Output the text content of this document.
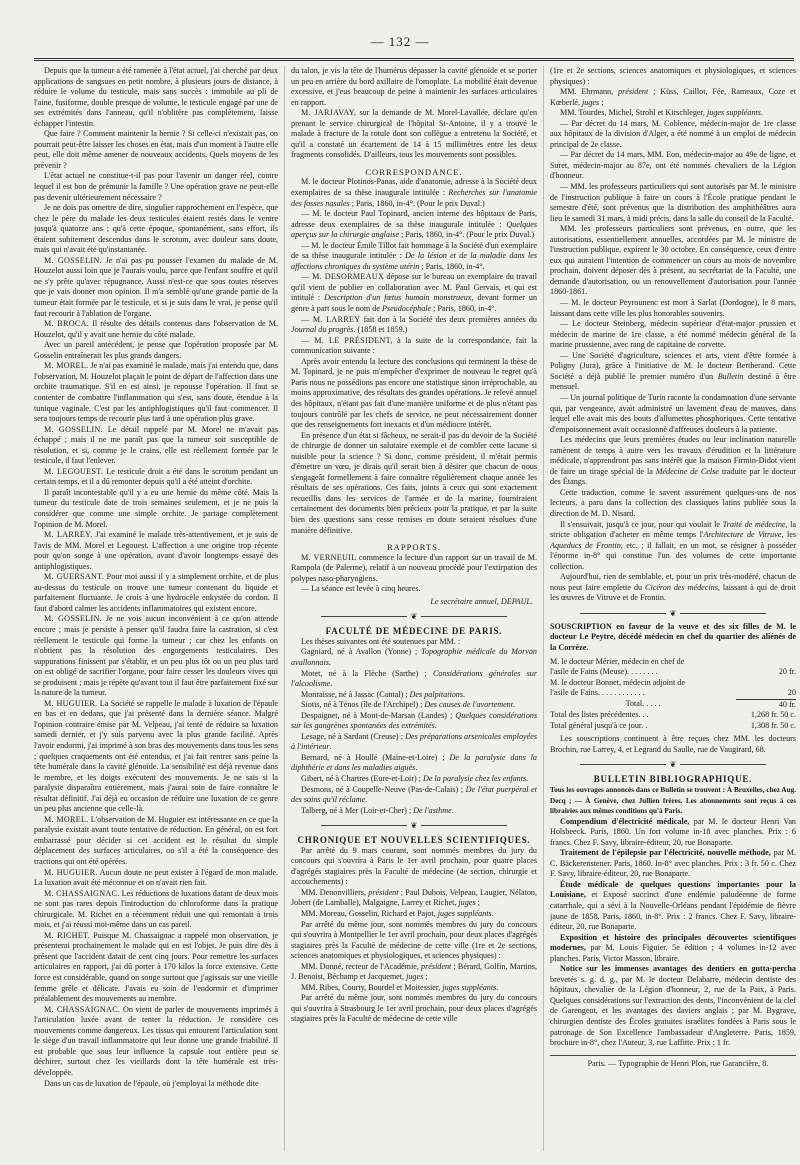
— 132 —

Depuis que la tumeur a été ramenée à l'état actuel, j'ai cherché par deux applications de sangsues en petit nombre, à plusieurs jours de distance, à réduire le volume du testicule, mais sans succès : immobile au pli de l'aine, fusiforme, double presque de volume, le testicule engagé par une de ses extrémités dans l'anneau, qu'il n'oblitère pas complètement, laisse échapper l'intestin.

Que faire ? Comment maintenir la hernie ? Si celle-ci n'existait pas, on pourrait peut-être laisser les choses en état, mais d'un moment à l'autre elle peut, elle doit même amener de nouveaux accidents. Quels moyens de les prévenir ?

L'état actuel ne constitue-t-il pas pour l'avenir un danger réel, contre lequel il est bon de prémunir la famille ? Une opération grave ne peut-elle pas devenir ultérieurement nécessaire ?

Je ne dois pas omettre de dire, singulier rapprochement en l'espèce, que chez le père du malade les deux testicules étaient restés dans le ventre jusqu'à quatorze ans ; qu'à cette époque, spontanément, sans effort, ils étaient subitement descendus dans le scrotum, avec douleur sans doute, mais qui n'avait été qu'instantanée.

M. GOSSELIN. Je n'ai pas pu pousser l'examen du malade de M. Houzelot aussi loin que je l'aurais voulu, parce que l'enfant souffre et qu'il ne s'y prête qu'avec répugnance. Aussi n'est-ce que sous toutes réserves que je vais donner mon opinion. Il m'a semblé qu'une grande partie de la tumeur était formée par le testicule, et si je suis dans le vrai, je pense qu'il faut recourir à l'ablation de l'organe.

M. BROCA. Il résulte des détails contenus dans l'observation de M. Houzelot, qu'il y avait une hernie du côté malade.

Avec un pareil antécédent, je pense que l'opération proposée par M. Gosselin entraînerait les plus grands dangers.

M. MOREL. Je n'ai pas examiné le malade, mais j'ai entendu que, dans l'observation, M. Houzelot plaçait le point de départ de l'affection dans une orchite traumatique. S'il en est ainsi, je repousse l'opération. Il faut se contenter de combattre l'inflammation qui s'est, sans doute, étendue à la tunique vaginale. C'est par les antiphlogistiques qu'il faut commencer. Il sera toujours temps de recourir plus tard à une opération plus grave.

M. GOSSELIN. Le détail rappelé par M. Morel ne m'avait pas échappé ; mais il ne me paraît pas que la tumeur soit susceptible de résolution, et si, comme je le crains, elle est réellement formée par le testicule, il faut l'enlever.

M. LEGOUEST. Le testicule droit a été dans le scrotum pendant un certain temps, et il a dû remonter depuis qu'il a été atteint d'orchite.

Il paraît incontestable qu'il y a eu une hernie du même côté. Mais la tumeur du testicule date de trois semaines seulement, et je ne puis la considérer que comme une simple orchite. Je partage complètement l'opinion de M. Morel.

M. LARREY. J'ai examiné le malade très-attentivement, et je suis de l'avis de MM. Morel et Legouest. L'affection a une origine trop récente pour qu'on songe à une opération, avant d'avoir longtemps essayé des antiphlogistiques.

M. GUERSANT. Pour moi aussi il y a simplement orchite, et de plus au-dessus du testicule on trouve une tumeur contenant du liquide et parfaitement fluctuante. Je crois à une hydrocèle enkystée du cordon. Il faut d'abord calmer les accidents inflammatoires qui existent encore.

M. GOSSELIN. Je ne vois aucun inconvénient à ce qu'on attende encore ; mais je persiste à penser qu'il faudra faire la castration, si c'est réellement le testicule qui forme la tumeur ; car chez les enfants on n'obtient pas la résolution des engorgements testiculaires. Des suppurations finissent par s'établir, et un peu plus tôt ou un peu plus tard on est obligé de sacrifier l'organe, pour faire cesser les douleurs vives qui se produisent ; mais je répète qu'avant tout il faut être parfaitement fixé sur la nature de la tumeur.

M. HUGUIER. La Société se rappelle le malade à luxation de l'épaule en bas et en dedans, que j'ai présenté dans la dernière séance. Malgré l'opinion contraire émise par M. Velpeau, j'ai tenté de réduire sa luxation samedi dernier, et j'y suis parvenu avec la plus grande facilité. Après l'avoir endormi, j'ai imprimé à son bras des mouvements dans tous les sens ; quelques craquements ont été entendus, et j'ai fait rentrer sans peine la tête humérale dans la cavité glénoïde. La sensibilité est déjà revenue dans le membre, et les doigts exécutent des mouvements. Je ne sais si la paralysie disparaîtra entièrement, mais j'aurai soin de faire connaître le résultat définitif. J'ai déjà eu occasion de réduire une luxation de ce genre un peu plus ancienne que celle-là.

M. MOREL. L'observation de M. Huguier est intéressante en ce que la paralysie existait avant toute tentative de réduction. En général, on est fort embarrassé pour décider si cet accident est le résultat du simple déplacement des surfaces articulaires, ou s'il a été la conséquence des tractions qui ont été opérées.

M. HUGUIER. Aucun doute ne peut exister à l'égard de mon malade. La luxation avait été méconnue et on n'avait rien fait.

M. CHASSAIGNAC. Les réductions de luxations datant de deux mois ne sont pas rares depuis l'introduction du chloroforme dans la pratique chirurgicale. M. Richet en a récemment réduit une qui remontait à trois mois, et j'ai réussi moi-même dans un cas pareil.

M. RICHET. Puisque M. Chassaignac a rappelé mon observation, je présenterai prochainement le malade qui en est l'objet. Je puis dire dès à présent que l'accident datait de cent cinq jours. Pour remettre les surfaces articulaires en rapport, j'ai dû porter à 170 kilos la force extensive. Cette force est considérable, quand on songe surtout que j'agissais sur une vieille femme grêle et délicate. J'avais eu soin de l'endormir et d'imprimer préalablement des mouvements au membre.

M. CHASSAIGNAC. On vient de parler de mouvements imprimés à l'articulation luxée avant de tenter la réduction. Je considère ces mouvements comme dangereux. Les tissus qui entourent l'articulation sont le siège d'un travail inflammatoire qui leur donne une grande friabilité. Il est probable que sous leur influence la capsule tout entière peut se déchirer, surtout chez les vieillards dont la tête humérale est très-développée.

Dans un cas de luxation de l'épaule, où j'employai la méthode dite

du talon, je vis la tête de l'humérus dépasser la cavité glénoïde et se porter un peu en arrière du bord axillaire de l'omoplate. La mobilité était devenue excessive, et j'eus beaucoup de peine à maintenir les surfaces articulaires en rapport.

M. JARJAVAY, sur la demande de M. Morel-Lavallée, déclare qu'en prenant le service chirurgical de l'hôpital St-Antoine, il y a trouvé le malade à fracture de la rotule dont son collègue a entretenu la Société, et qu'il a constaté un écartement de 14 à 15 millimètres entre les deux fragments consolidés. D'ailleurs, tous les mouvements sont possibles.

CORRESPONDANCE.

M. le docteur Plotinos-Panas, aide d'anatomie, adresse à la Société deux exemplaires de sa thèse inaugurale intitulée : Recherches sur l'anatomie des fosses nasales ; Paris, 1860, in-4°. (Pour le prix Duval.)

— M. le docteur Paul Topinard, ancien interne des hôpitaux de Paris, adresse deux exemplaires de sa thèse inaugurale intitulée : Quelques aperçus sur la chirurgie anglaise ; Paris, 1860, in-4°. (Pour le prix Duval.)

— M. le docteur Émile Tillot fait hommage à la Société d'un exemplaire de sa thèse inaugurale intitulée : De la lésion et de la maladie dans les affections chroniques du système utérin ; Paris, 1860, in-4°.

— M. DESORMEAUX dépose sur le bureau un exemplaire du travail qu'il vient de publier en collaboration avec M. Paul Gervais, et qui est intitulé : Description d'un fœtus humain monstrueux, devant former un genre à part sous le nom de Pseudocéphale ; Paris, 1860, in-4°.

— M. LARREY fait don à la Société des deux premières années du Journal du progrès. (1858 et 1859.)

— M. LE PRÉSIDENT, à la suite de la correspondance, fait la communication suivante :

Après avoir entendu la lecture des conclusions qui terminent la thèse de M. Topinard, je ne puis m'empêcher d'exprimer de nouveau le regret qu'à Paris nous ne possédions pas encore une statistique sinon irréprochable, au moins approximative, des résultats des grandes opérations. Je relevé annuel des hôpitaux, n'étant pas fait d'une manière uniforme et de plus n'étant pas toujours contrôlé par les chefs de service, ne peut nécessairement donner que des renseignements fort inexacts et d'un médiocre intérêt.

En présence d'un état si fâcheux, ne serait-il pas du devoir de la Société de chirurgie de donner un salutaire exemple et de combler cette lacune si nuisible pour la science ? Si donc, comme président, il m'était permis d'émettre un vœu, je dirais qu'il serait bien à désirer que chacun de nous s'engageât formellement à faire connaître régulièrement chaque année les résultats de ses opérations. Ces faits, joints à ceux qui sont exactement recueillis dans les services de l'armée et de la marine, fourniraient certainement des documents bien précieux pour la pratique, et par la suite bien des questions sans cesse remises en doute seraient résolues d'une manière définitive.

RAPPORTS.

M. VERNEUIL commence la lecture d'un rapport sur un travail de M. Rampola (de Palerme), relatif à un nouveau procédé pour l'extirpation des polypes naso-pharyngiens.

— La séance est levée à cinq heures.

Le secrétaire annuel, DEPAUL.

❦

FACULTÉ DE MÉDECINE DE PARIS.

Les thèses suivantes ont été soutenues par MM. :

Gagniard, né à Avallon (Yonne) ; Topographie médicale du Morvan avallonnais.

Motet, né à la Flèche (Sarthe) ; Considérations générales sur l'alcoolisme.

Monraisse, né à Jassac (Cantal) ; Des palpitations.

Siotis, né à Ténos (île de l'Archipel) ; Des causes de l'avortement.

Despaignet, né à Mont-de-Marsan (Landes) ; Quelques considérations sur les gangrènes spontanées des extrémités.

Lesage, né à Sardant (Creuse) ; Des préparations arsenicales employées à l'intérieur.

Bernard, né à Houllé (Maine-et-Loire) ; De la paralysie dans la diphthérie et dans les maladies aiguës.

Gibert, né à Chartres (Eure-et-Loir) ; De la paralysie chez les enfants.

Desmons, né à Coupelle-Neuve (Pas-de-Calais) ; De l'état puerpéral et des soins qu'il réclame.

Talberg, né à Mer (Loir-et-Cher) ; De l'asthme.

❦

CHRONIQUE ET NOUVELLES SCIENTIFIQUES.

Par arrêté du 9 mars courant, sont nommés membres du jury du concours qui s'ouvrira à Paris le 1er avril prochain, pour quatre places d'agrégés stagiaires près la Faculté de médecine (4e section, chirurgie et accouchements) :

MM. Denonvilliers, président ; Paul Dubois, Velpeau, Laugier, Nélaton, Jobert (de Lamballe), Malgaigne, Larrey et Richet, juges ;

MM. Moreau, Gosselin, Richard et Pajot, juges suppléants.

Par arrêté du même jour, sont nommés membres du jury du concours qui s'ouvrira à Montpellier le 1er avril prochain, pour deux places d'agrégés stagiaires près la Faculté de médecine de cette ville (1re et 2e sections, sciences anatomiques et physiologiques, et sciences physiques) :

MM. Donné, recteur de l'Académie, président ; Bérard, Golfin, Martins, J. Benoist, Béchamp et Jacquemet, juges ;

MM. Ribes, Courty, Bourdel et Moitessier, juges suppléants.

Par arrêté du même jour, sont nommés membres du jury du concours qui s'ouvrira à Strasbourg le 1er avril prochain, pour deux places d'agrégés stagiaires près la Faculté de médecine de cette ville

(1re et 2e sections, sciences anatomiques et physiologiques, et sciences physiques) :

MM. Ehrmann, président ; Küss, Caillot, Fée, Rameaux, Coze et Kœberlé, juges ;

MM. Tourdes, Michel, Strohl et Kirschleger, juges suppléants.

— Par décret du 14 mars, M. Coblence, médecin-major de 1re classe aux hôpitaux de la division d'Alger, a été nommé à un emploi de médecin principal de 2e classe.

— Par décret du 14 mars, MM. Eon, médecin-major au 49e de ligne, et Suret, médecin-major au 87e, ont été nommés chevaliers de la Légion d'honneur.

— MM. les professeurs particuliers qui sont autorisés par M. le ministre de l'instruction publique à faire un cours à l'École pratique pendant le semestre d'été, sont prévenus que la distribution des amphithéâtres aura lieu le samedi 31 mars, à midi précis, dans la salle du conseil de la Faculté.

MM. les professeurs particuliers sont prévenus, en outre, que les autorisations, essentiellement annuelles, accordées par M. le ministre de l'instruction publique, expirent le 30 octobre. En conséquence, ceux d'entre eux qui auraient l'intention de commencer un cours au mois de novembre prochain, doivent déposer dès à présent, au secrétariat de la Faculté, une demande d'autorisation, ou un renouvellement d'autorisation pour l'année 1860-1861.

— M. le docteur Peyrounenc est mort à Sarlat (Dordogne), le 8 mars, laissant dans cette ville les plus honorables souvenirs.

— Le docteur Steinberg, médecin supérieur d'état-major prussien et médecin de marine de 1re classe, a été nommé médecin général de la marine prussienne, avec rang de capitaine de corvette.

— Une Société d'agriculture, sciences et arts, vient d'être formée à Poligny (Jura), grâce à l'initiative de M. le docteur Bertherand. Cette Société a déjà publié le premier numéro d'un Bulletin destiné à être mensuel.

— Un journal politique de Turin raconte la condamnation d'une servante qui, par vengeance, avait administré un lavement d'eau de mauves, dans lequel elle avait mis des bouts d'allumettes phosphoriques. Cette tentative d'empoisonnement avait occasionné d'affreuses douleurs à la patiente.

Les médecins que leurs premières études ou leur inclination naturelle ramènent de temps à autre vers les travaux d'érudition et la littérature médicale, n'apprendront pas sans intérêt que la maison Firmin-Didot vient de faire un tirage spécial de la Médecine de Celse traduite par le docteur des Étangs.

Cette traduction, comme le savent assurément quelques-uns de nos lecteurs, a paru dans la collection des classiques latins publiée sous la direction de M. D. Nisard.

Il s'ensuivait, jusqu'à ce jour, pour qui voulait le Traité de médecine, la stricte obligation d'acheter en même temps l'Architecture de Vitruve, les Aqueducs de Frontin, etc. ; il fallait, en un mot, se résigner à posséder l'énorme in-8° qui constitue l'un des volumes de cette importante collection.

Aujourd'hui, rien de semblable, et, pour un prix très-modéré, chacun de nous peut faire emplette du Cicéron des médecins, laissant à qui de droit les œuvres de Vitruve et de Frontin.

❦

SOUSCRIPTION en faveur de la veuve et des six filles de M. le docteur Le Peytre, décédé médecin en chef du quartier des aliénés de la Corrèze.

M. le docteur Mérier, médecin en chef de
l'asile de Fains (Meuse). . . . . . . .	20 fr.
M. le docteur Bonnet, médecin adjoint de
l'asile de Fains. . . . . . . . . . . .	20
Total. . . . .	40 fr.
Total des listes précédentes. . .	1,268 fr. 50 c.
Total général jusqu'à ce jour. .	1,308 fr. 50 c.

Les souscriptions continuent à être reçues chez MM. les docteurs Brochin, rue Larrey, 4, et Legrand du Saulle, rue de Vaugirard, 68.

❦

BULLETIN BIBLIOGRAPHIQUE.

Tous les ouvrages annoncés dans ce Bulletin se trouvent : À Bruxelles, chez Aug. Decq ; — À Genève, chez Jullien frères. Les abonnements sont reçus à ces librairies aux mêmes conditions qu'à Paris.

Compendium d'électricité médicale, par M. le docteur Henri Van Holsbeeck. Paris, 1860. Un fort volume in-18 avec planches. Prix : 6 francs. Chez F. Savy, libraire-éditeur, 20, rue Bonaparte.

Traitement de l'épilepsie par l'électricité, nouvelle méthode, par M. C. Bäckerenstener. Paris, 1860. In-8° avec planches. Prix : 3 fr. 50 c. Chez F. Savy, libraire-éditeur, 20, rue Bonaparte.

Étude médicale de quelques questions importantes pour la Louisiane, et Exposé succinct d'une endémie paludéenne de forme catarrhale, qui a sévi à la Nouvelle-Orléans pendant l'épidémie de fièvre jaune de 1858. Paris, 1860, in-8°. Prix : 2 francs. Chez F. Savy, libraire-éditeur, 20, rue Bonaparte.

Exposition et histoire des principales découvertes scientifiques modernes, par M. Louis Figuier. 5e édition ; 4 volumes in-12 avec planches. Paris, Victor Masson, libraire.

Notice sur les immenses avantages des dentiers en gutta-percha brevetés s. g. d. g., par M. le docteur Delabarre, médecin dentiste des hôpitaux, chevalier de la Légion d'honneur, 2, rue de la Paix, à Paris. Quelques considérations sur l'extraction des dents, l'inconvénient de la clef de Garengeot, et les avantages des daviers anglais ; par M. Bygrave, chirurgien dentiste des Écoles gratuites israélites fondées à Paris sous le patronage de Son Excellence l'ambassadeur d'Angleterre. Paris, 1859, brochure in-8°, chez l'Auteur, 3, rue Laffitte. Prix : 1 fr.

Paris. — Typographie de Henri Plon, rue Garancière, 8.
